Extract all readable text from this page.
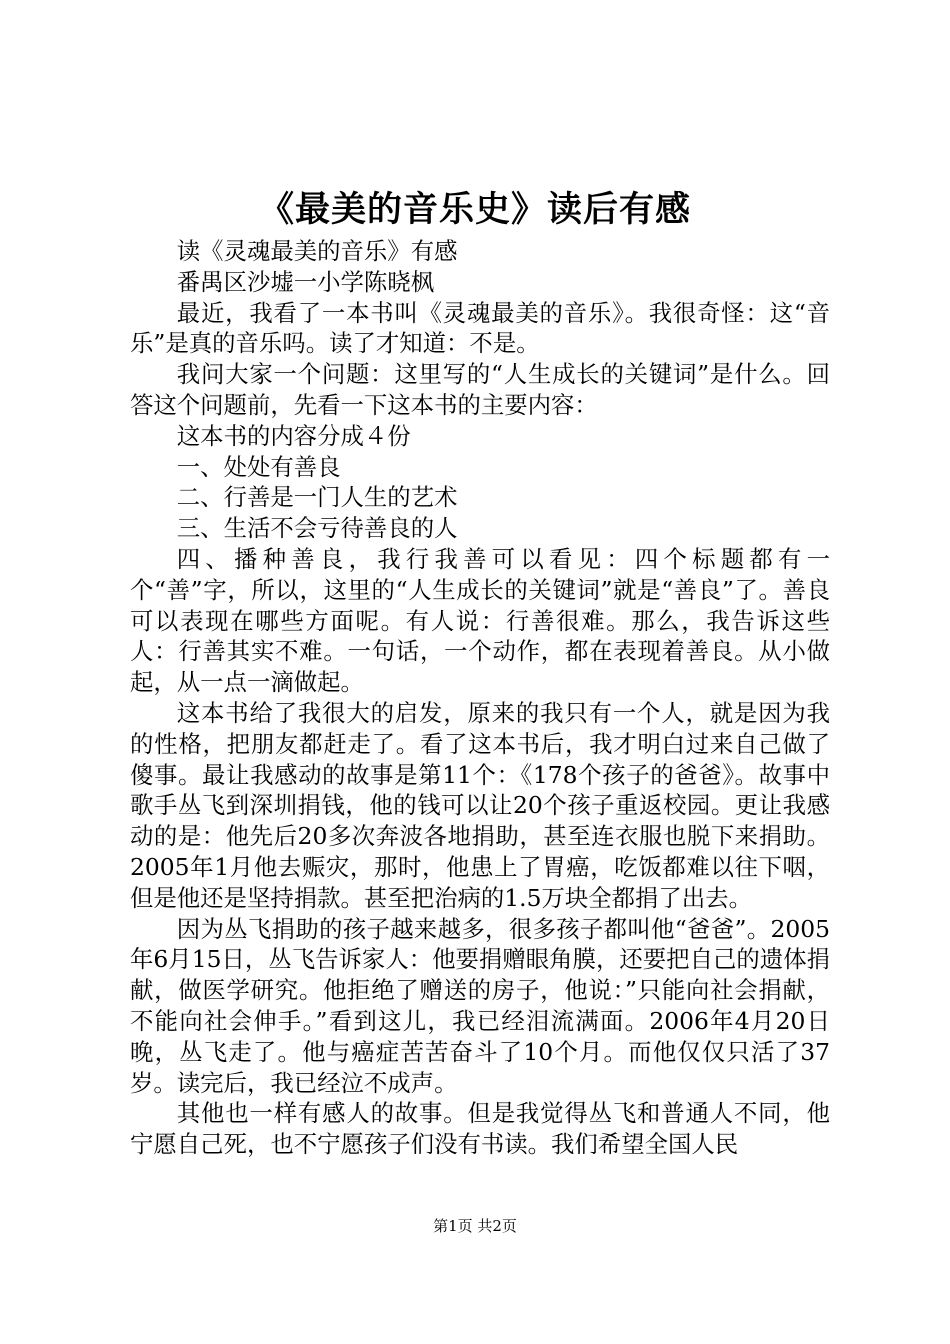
《最美的音乐史》读后有感

读《灵魂最美的音乐》有感

番禺区沙墟一小学陈晓枫

最近，我看了一本书叫《灵魂最美的音乐》。我很奇怪：这“音乐”是真的音乐吗。读了才知道：不是。

我问大家一个问题：这里写的“人生成长的关键词”是什么。回答这个问题前，先看一下这本书的主要内容：

这本书的内容分成４份

一、处处有善良

二、行善是一门人生的艺术

三、生活不会亏待善良的人

四、播种善良，我行我善可以看见：四个标题都有一个“善”字，所以，这里的“人生成长的关键词”就是“善良”了。善良可以表现在哪些方面呢。有人说：行善很难。那么，我告诉这些人：行善其实不难。一句话，一个动作，都在表现着善良。从小做起，从一点一滴做起。

这本书给了我很大的启发，原来的我只有一个人，就是因为我的性格，把朋友都赶走了。看了这本书后，我才明白过来自己做了傻事。最让我感动的故事是第11个：《178个孩子的爸爸》。故事中歌手丛飞到深圳捐钱，他的钱可以让20个孩子重返校园。更让我感动的是：他先后20多次奔波各地捐助，甚至连衣服也脱下来捐助。2005年1月他去赈灾，那时，他患上了胃癌，吃饭都难以往下咽，但是他还是坚持捐款。甚至把治病的1.5万块全都捐了出去。

因为丛飞捐助的孩子越来越多，很多孩子都叫他“爸爸”。2005年6月15日，丛飞告诉家人：他要捐赠眼角膜，还要把自己的遗体捐献，做医学研究。他拒绝了赠送的房子，他说：”只能向社会捐献，不能向社会伸手。”看到这儿，我已经泪流满面。2006年4月20日晚，丛飞走了。他与癌症苦苦奋斗了10个月。而他仅仅只活了37岁。读完后，我已经泣不成声。

其他也一样有感人的故事。但是我觉得丛飞和普通人不同，他宁愿自己死，也不宁愿孩子们没有书读。我们希望全国人民

第1页 共2页
